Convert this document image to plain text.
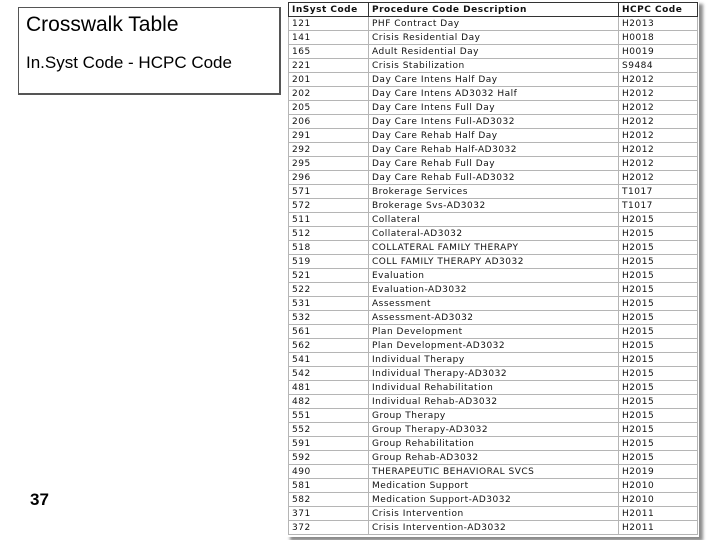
Crosswalk Table
In.Syst Code - HCPC Code
37
InSyst Code	Procedure Code Description	HCPC Code
121	PHF Contract Day	H2013
141	Crisis Residential Day	H0018
165	Adult Residential Day	H0019
221	Crisis Stabilization	S9484
201	Day Care Intens Half Day	H2012
202	Day Care Intens AD3032 Half	H2012
205	Day Care Intens Full Day	H2012
206	Day Care Intens Full-AD3032	H2012
291	Day Care Rehab Half Day	H2012
292	Day Care Rehab Half-AD3032	H2012
295	Day Care Rehab Full Day	H2012
296	Day Care Rehab Full-AD3032	H2012
571	Brokerage Services	T1017
572	Brokerage Svs-AD3032	T1017
511	Collateral	H2015
512	Collateral-AD3032	H2015
518	COLLATERAL FAMILY THERAPY	H2015
519	COLL FAMILY THERAPY AD3032	H2015
521	Evaluation	H2015
522	Evaluation-AD3032	H2015
531	Assessment	H2015
532	Assessment-AD3032	H2015
561	Plan Development	H2015
562	Plan Development-AD3032	H2015
541	Individual Therapy	H2015
542	Individual Therapy-AD3032	H2015
481	Individual Rehabilitation	H2015
482	Individual Rehab-AD3032	H2015
551	Group Therapy	H2015
552	Group Therapy-AD3032	H2015
591	Group Rehabilitation	H2015
592	Group Rehab-AD3032	H2015
490	THERAPEUTIC BEHAVIORAL SVCS	H2019
581	Medication Support	H2010
582	Medication Support-AD3032	H2010
371	Crisis Intervention	H2011
372	Crisis Intervention-AD3032	H2011
